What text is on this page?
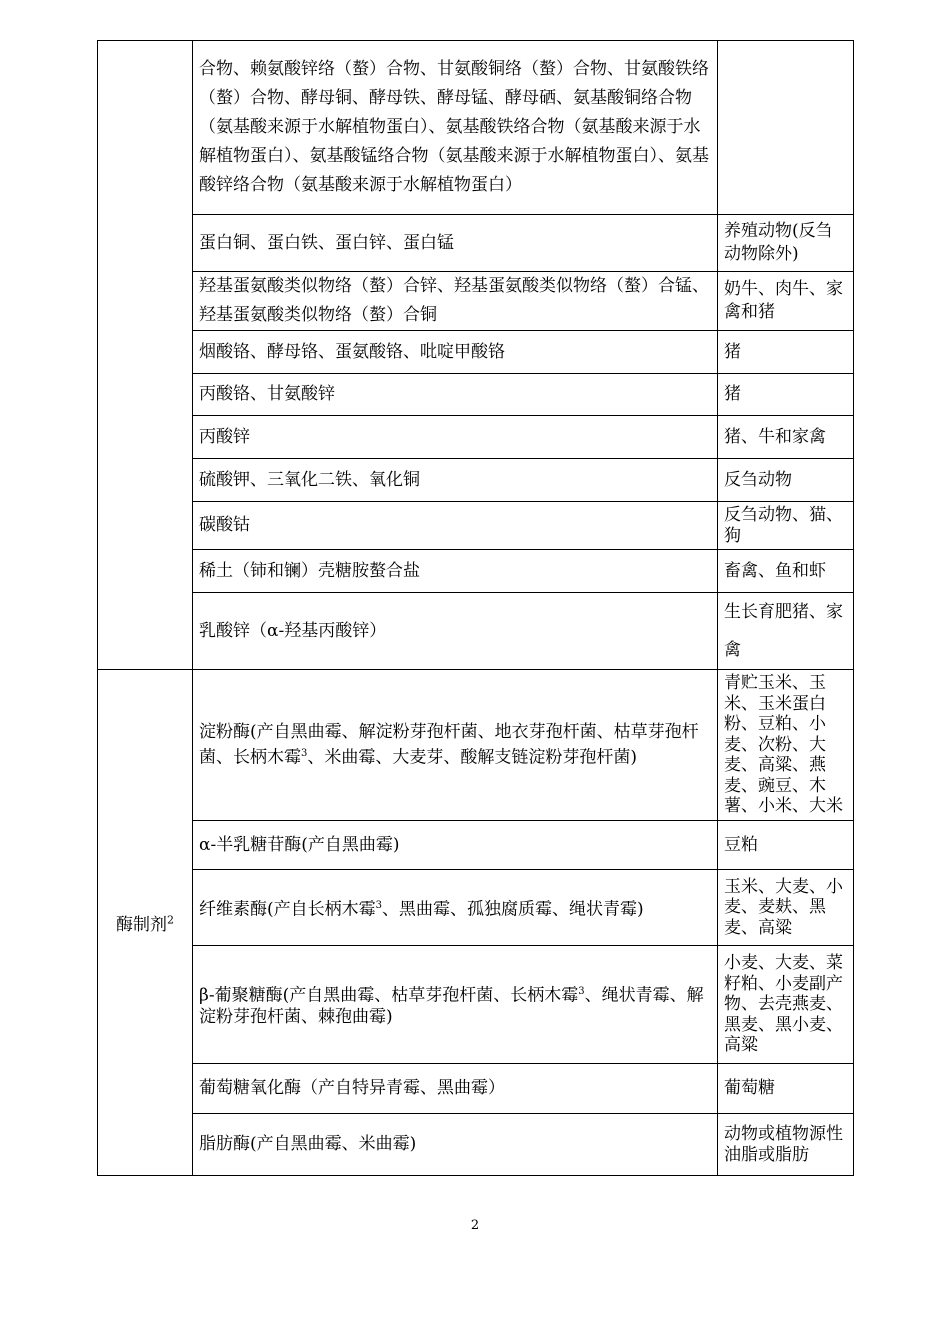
	合物、赖氨酸锌络（螯）合物、甘氨酸铜络（螯）合物、甘氨酸铁络（螯）合物、酵母铜、酵母铁、酵母锰、酵母硒、氨基酸铜络合物（氨基酸来源于水解植物蛋白）、氨基酸铁络合物（氨基酸来源于水解植物蛋白）、氨基酸锰络合物（氨基酸来源于水解植物蛋白）、氨基酸锌络合物（氨基酸来源于水解植物蛋白）	
	蛋白铜、蛋白铁、蛋白锌、蛋白锰	养殖动物(反刍动物除外)
	羟基蛋氨酸类似物络（螯）合锌、羟基蛋氨酸类似物络（螯）合锰、羟基蛋氨酸类似物络（螯）合铜	奶牛、肉牛、家禽和猪
	烟酸铬、酵母铬、蛋氨酸铬、吡啶甲酸铬	猪
	丙酸铬、甘氨酸锌	猪
	丙酸锌	猪、牛和家禽
	硫酸钾、三氧化二铁、氧化铜	反刍动物
	碳酸钴	反刍动物、猫、狗
	稀土（铈和镧）壳糖胺螯合盐	畜禽、鱼和虾
	乳酸锌（α-羟基丙酸锌）	生长育肥猪、家禽
酶制剂$^2$	淀粉酶(产自黑曲霉、解淀粉芽孢杆菌、地衣芽孢杆菌、枯草芽孢杆菌、长柄木霉$^3$、米曲霉、大麦芽、酸解支链淀粉芽孢杆菌)	青贮玉米、玉米、玉米蛋白粉、豆粕、小麦、次粉、大麦、高粱、燕麦、豌豆、木薯、小米、大米
	α-半乳糖苷酶(产自黑曲霉)	豆粕
	纤维素酶(产自长柄木霉$^3$、黑曲霉、孤独腐质霉、绳状青霉)	玉米、大麦、小麦、麦麸、黑麦、高粱
	β-葡聚糖酶(产自黑曲霉、枯草芽孢杆菌、长柄木霉$^3$、绳状青霉、解淀粉芽孢杆菌、棘孢曲霉)	小麦、大麦、菜籽粕、小麦副产物、去壳燕麦、黑麦、黑小麦、高粱
	葡萄糖氧化酶（产自特异青霉、黑曲霉）	葡萄糖
	脂肪酶(产自黑曲霉、米曲霉)	动物或植物源性油脂或脂肪
2
